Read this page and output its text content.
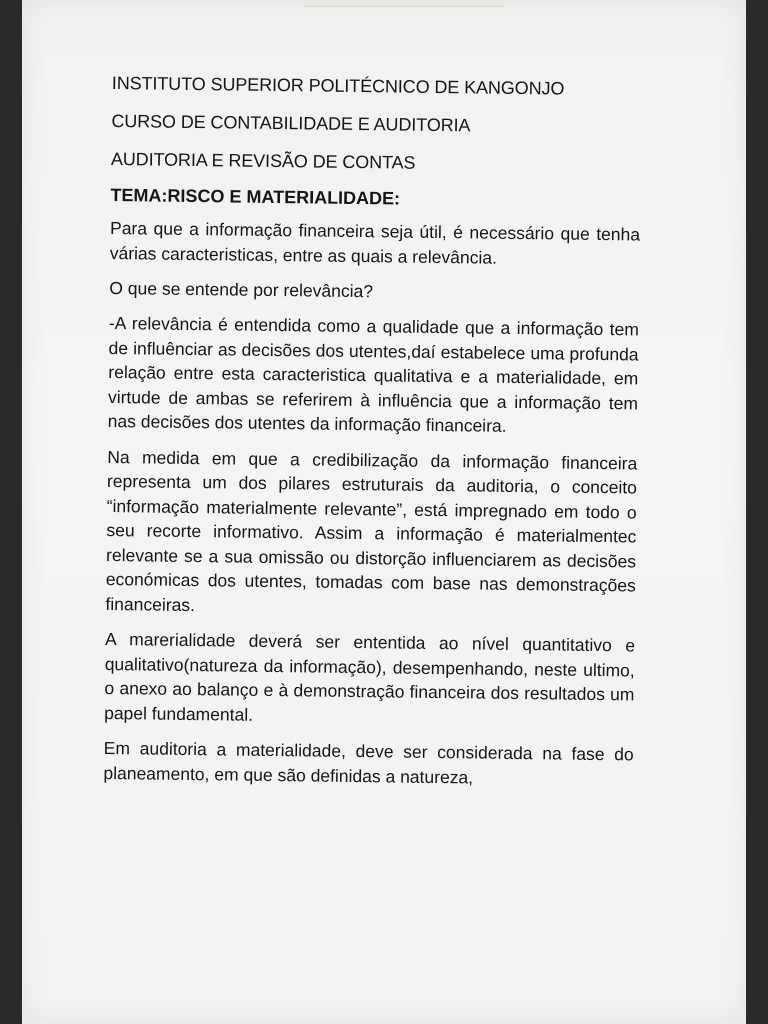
INSTITUTO SUPERIOR POLITÉCNICO DE KANGONJO
CURSO DE CONTABILIDADE E AUDITORIA
AUDITORIA E REVISÃO DE CONTAS
TEMA:RISCO E MATERIALIDADE:

Para que a informação financeira seja útil, é necessário que tenha várias caracteristicas, entre as quais a relevância.

O que se entende por relevância?

-A relevância é entendida como a qualidade que a informação tem de influênciar as decisões dos utentes,daí estabelece uma profunda relação entre esta caracteristica qualitativa e a materialidade, em virtude de ambas se referirem à influência que a informação tem nas decisões dos utentes da informação financeira.

Na medida em que a credibilização da informação financeira representa um dos pilares estruturais da auditoria, o conceito “informação materialmente relevante”, está impregnado em todo o seu recorte informativo. Assim a informação é materialmentec relevante se a sua omissão ou distorção influenciarem as decisões económicas dos utentes, tomadas com base nas demonstrações financeiras.

A marerialidade deverá ser ententida ao nível quantitativo e qualitativo(natureza da informação), desempenhando, neste ultimo, o anexo ao balanço e à demonstração financeira dos resultados um papel fundamental.

Em auditoria a materialidade, deve ser considerada na fase do planeamento, em que são definidas a natureza,
